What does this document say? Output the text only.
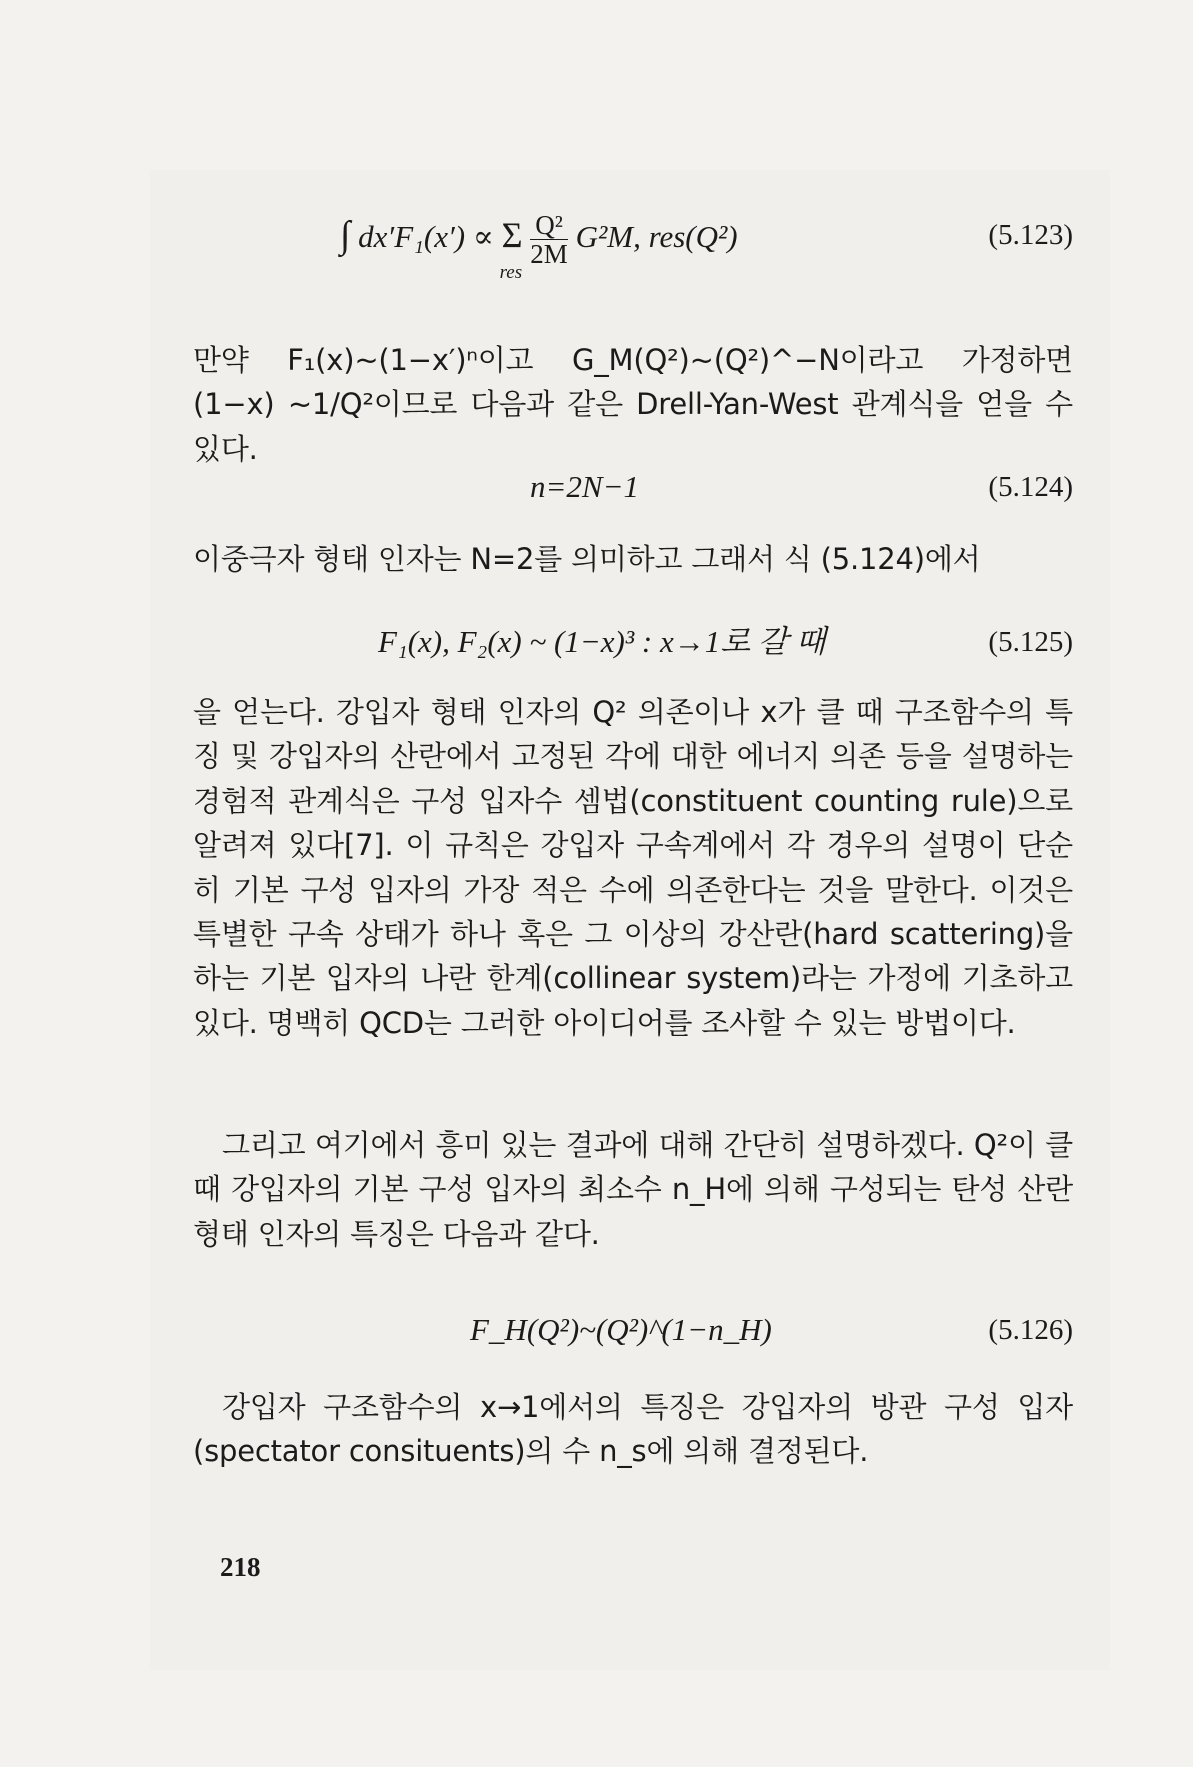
∫ dx′F₁(x′) ∝ Σ
res

$\frac{\text{Q²}}{2M} G^2M$, res(Q²)	(5.123)
만약 F₁(x)~(1−x′)ⁿ이고 G_M(Q²)~(Q²)^−N이라고 가정하면 (1−x) ~1/Q²이므로 다음과 같은 Drell-Yan-West 관계식을 얻을 수 있다.
n=2N−1	(5.124)
이중극자 형태 인자는 N=2를 의미하고 그래서 식 (5.124)에서
F₁(x), F₂(x) ~ (1−x)³ : x→1로 갈 때	(5.125)
을 얻는다. 강입자 형태 인자의 Q² 의존이나 x가 클 때 구조함수의 특징 및 강입자의 산란에서 고정된 각에 대한 에너지 의존 등을 설명하는 경험적 관계식은 구성 입자수 셈법(constituent counting rule)으로 알려져 있다[7]. 이 규칙은 강입자 구속계에서 각 경우의 설명이 단순히 기본 구성 입자의 가장 적은 수에 의존한다는 것을 말한다. 이것은 특별한 구속 상태가 하나 혹은 그 이상의 강산란(hard scattering)을 하는 기본 입자의 나란 한계(collinear system)라는 가정에 기초하고 있다. 명백히 QCD는 그러한 아이디어를 조사할 수 있는 방법이다.
그리고 여기에서 흥미 있는 결과에 대해 간단히 설명하겠다. Q²이 클 때 강입자의 기본 구성 입자의 최소수 n_H에 의해 구성되는 탄성 산란 형태 인자의 특징은 다음과 같다.
F_H(Q²)~(Q²)^(1−n_H)	(5.126)
강입자 구조함수의 x→1에서의 특징은 강입자의 방관 구성 입자(spectator consituents)의 수 n_s에 의해 결정된다.
218
